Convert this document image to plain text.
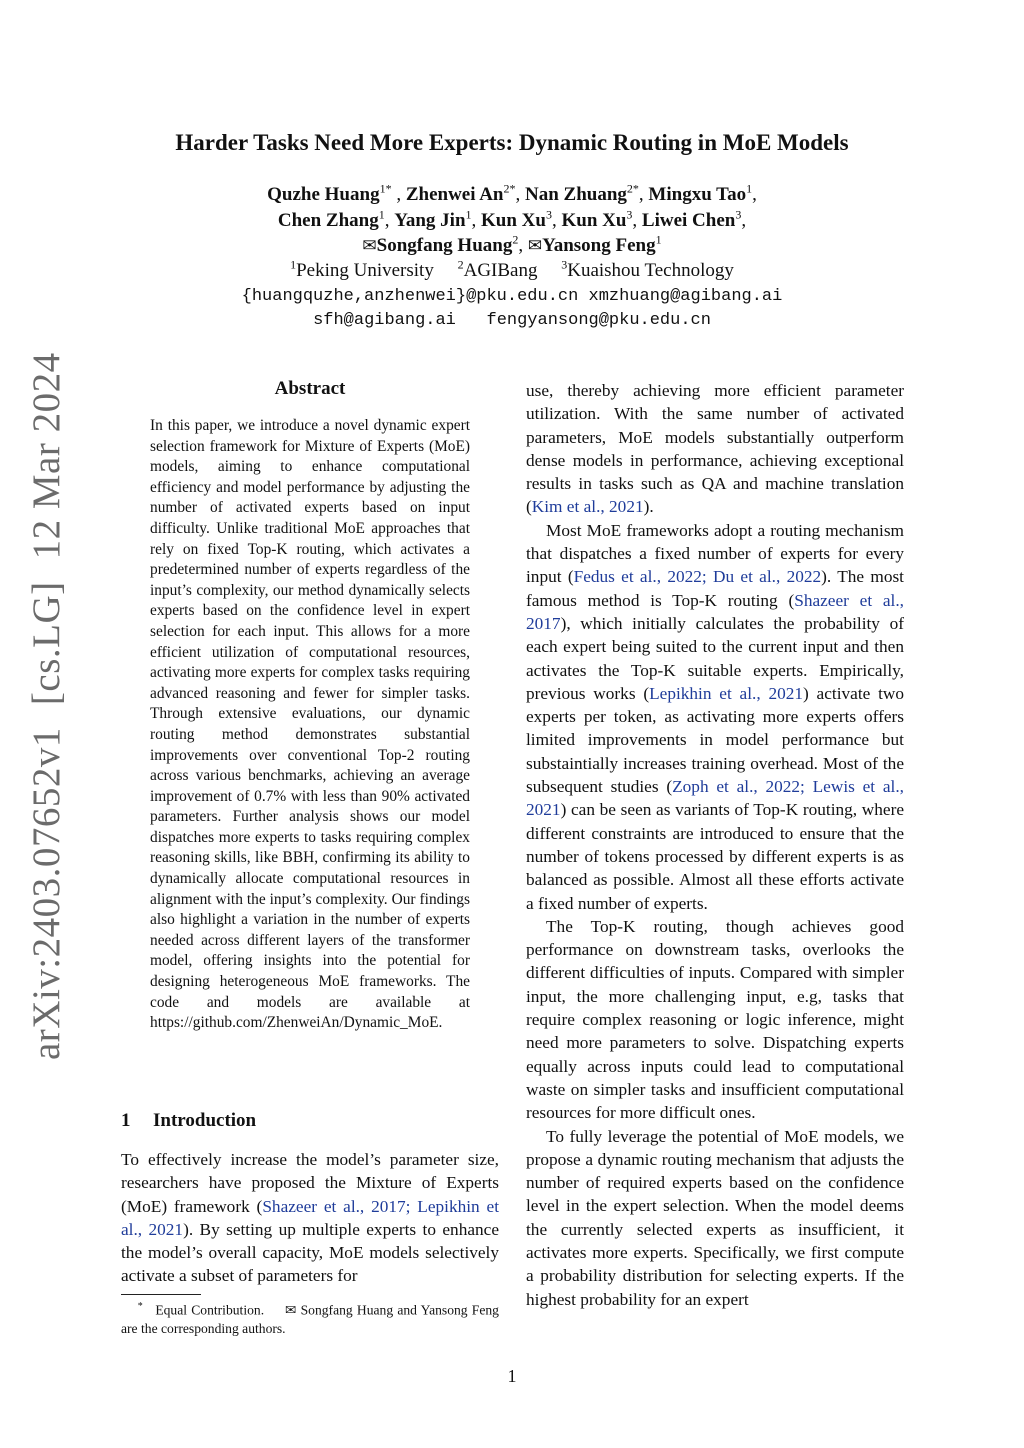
arXiv:2403.07652v1[cs.LG]12 Mar 2024
Harder Tasks Need More Experts: Dynamic Routing in MoE Models
Quzhe Huang$^{1*}$ , Zhenwei $An^{2*}$, Nan Zhuang$^{2*}$, Mingxu Tao$^1$,
Chen Zhang$^1$, Yang Jin$^1$, Kun Xu$^3$, Kun Xu$^3$, Liwei Chen$^3$,
✉Songfang Huang$^2$, ✉Yansong Feng$^1$
$^1$Peking University $^2$AGIBang $^3$Kuaishou Technology
{huangquzhe,anzhenwei}@pku.edu.cn xmzhuang@agibang.ai
sfh@agibang.ai fengyansong@pku.edu.cn
Abstract
In this paper, we introduce a novel dynamic expert selection framework for Mixture of Experts (MoE) models, aiming to enhance computational efficiency and model performance by adjusting the number of activated experts based on input difficulty. Unlike traditional MoE approaches that rely on fixed Top-K routing, which activates a predetermined number of experts regardless of the input’s complexity, our method dynamically selects experts based on the confidence level in expert selection for each input. This allows for a more efficient utilization of computational resources, activating more experts for complex tasks requiring advanced reasoning and fewer for simpler tasks. Through extensive evaluations, our dynamic routing method demonstrates substantial improvements over conventional Top-2 routing across various benchmarks, achieving an average improvement of 0.7% with less than 90% activated parameters. Further analysis shows our model dispatches more experts to tasks requiring complex reasoning skills, like BBH, confirming its ability to dynamically allocate computational resources in alignment with the input’s complexity. Our findings also highlight a variation in the number of experts needed across different layers of the transformer model, offering insights into the potential for designing heterogeneous MoE frameworks. The code and models are available at https://github.com/ZhenweiAn/Dynamic_MoE.
1 Introduction
To effectively increase the model’s parameter size, researchers have proposed the Mixture of Experts (MoE) framework (Shazeer et al., 2017; Lepikhin et al., 2021). By setting up multiple experts to enhance the model’s overall capacity, MoE models selectively activate a subset of parameters for
* Equal Contribution. ✉ Songfang Huang and Yansong Feng are the corresponding authors.

use, thereby achieving more efficient parameter utilization. With the same number of activated parameters, MoE models substantially outperform dense models in performance, achieving exceptional results in tasks such as QA and machine translation (Kim et al., 2021).

Most MoE frameworks adopt a routing mechanism that dispatches a fixed number of experts for every input (Fedus et al., 2022; Du et al., 2022). The most famous method is Top-K routing (Shazeer et al., 2017), which initially calculates the probability of each expert being suited to the current input and then activates the Top-K suitable experts. Empirically, previous works (Lepikhin et al., 2021) activate two experts per token, as activating more experts offers limited improvements in model performance but substaintially increases training overhead. Most of the subsequent studies (Zoph et al., 2022; Lewis et al., 2021) can be seen as variants of Top-K routing, where different constraints are introduced to ensure that the number of tokens processed by different experts is as balanced as possible. Almost all these efforts activate a fixed number of experts.

The Top-K routing, though achieves good performance on downstream tasks, overlooks the different difficulties of inputs. Compared with simpler input, the more challenging input, e.g, tasks that require complex reasoning or logic inference, might need more parameters to solve. Dispatching experts equally across inputs could lead to computational waste on simpler tasks and insufficient computational resources for more difficult ones.

To fully leverage the potential of MoE models, we propose a dynamic routing mechanism that adjusts the number of required experts based on the confidence level in the expert selection. When the model deems the currently selected experts as insufficient, it activates more experts. Specifically, we first compute a probability distribution for selecting experts. If the highest probability for an expert

1
